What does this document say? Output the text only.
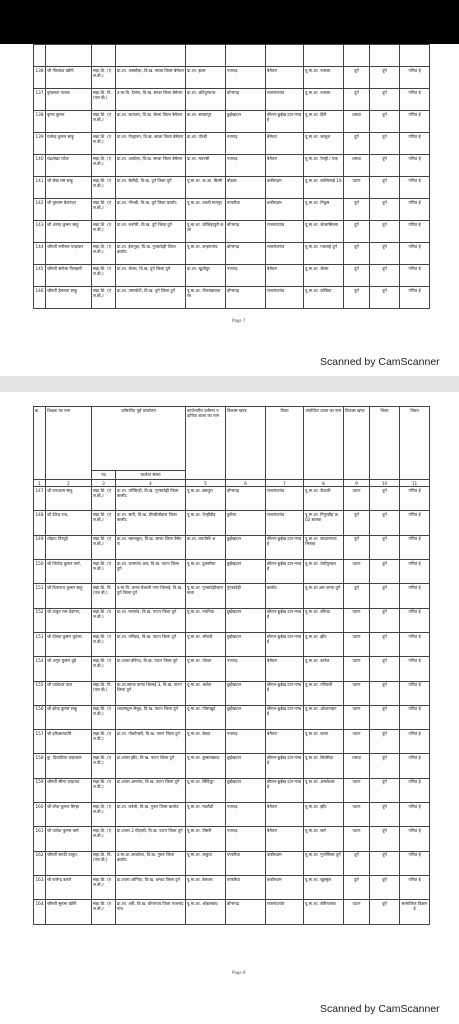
138	श्री नीलकंठ खोंगी	सहा.शि. (एल.बी.)	प्रा.शा. अस्कोला, वि.ख. साजा जिला बेमेतरा	प्रा.शा. झाल	नवागढ़	बेमेतरा	पू.मा.शा. रश्मका	दुर्ग	दुर्ग	गणित ई
137	पुष्पलता नायक	सहा.शि. पि. (एल बी.)	उ.मा.वि. दैलगा, वि.ख. साजा जिला बेमेतरा	प्रा.शा. छोटेदुग्गावर	डोंगरगढ़	राजनांदगांव	पू.मा.शा. रश्मका	दुर्ग	दुर्ग	गणित ई
138	कृष्ण कुमार	सहा.शि. (एल.बी.)	प्रा.शा. लावतरा, वि.ख. बेरला जिला बेमेतरा	प्रा.शा. सरकापुर	छुईखदान	छीरान-छुईख दान-गण्डई	पू.मा.शा. हिरी	धमधा	दुर्ग	गणित ई
139	राजेन्द्र कुमार साहू	सहा.शि. (एल.बी.)	प्रा.शा. पेण्ड्रावन, वि.ख. साजा जिला बेमेतरा	प्रा.शा. तोरडी	नवागढ़	बेमेतरा	पू.मा.शा. जालुल	दुर्ग	दुर्ग	गणित ई
140	चंद्रशेखर पटेल	सहा.शि. (एल.बी.)	प्रा.शा. अकोला, वि.ख. साजा जिला बेमेतरा	प्रा.शा. मदनसी	नवागढ़	बेमेतरा	पू.मा.शा. पेण्ड्री / गाड़	धमधा	दुर्ग	गणित ई
141	श्री लेख राम साहू	सहा.शि. (एल.बी.)	प्रा.शा. बेलौदी, वि.ख. दुर्ग जिला दुर्ग	पू.मा.शा. क.आ. बिरमी	बोड़ला	कबीरधाम	पू.मा.शा. कल्मिलाई 19	पाटन	दुर्ग	गणित ई
142	श्री पुरुराम बेलनंदन	सहा.शि. (एल.बी.)	प्रा.शा. नीभडी, वि.ख. दुर्ग जिला बालोद	पू.मा.शा. ठकरी मानपुर	पण्डरिया	कबीरधाम	पू.मा.शा. निकुम	दुर्ग	दुर्ग	गणित ई
143	श्री आनंद कुमार साहू	सहा.शि. (एल.बी.)	प्रा.शा. करगेरी, वि.ख. दुर्ग जिला दुर्ग	पू.मा.शा. कोलिहापुरी कला	डोंगरगढ़	राजनांदगांव	पू.मा.शा. जेवरासिरसा	दुर्ग	दुर्ग	गणित ई
144	श्रीमती मनीरमा चन्द्राकर	सहा.शि. (एल.बी.)	प्रा.शा. ईरागुड़ा, वि.ख. गुण्डरदेही जिला बालोद	पू.मा.शा. कन्हारगांव	डोंगरगढ़	राजनांदगांव	पू.मा.शा. गयलाई दुर्ग	दुर्ग	दुर्ग	गणित ई
145	श्रीमती सरोजा गिलहारी	सहा.शि. (एल.बी.)	प्रा.शा. जेवरा, वि.ख. दुर्ग जिला दुर्ग	प्रा.शा. खुशीपुर	नवागढ़	बेमेतरा	पू.मा.शा. जेवरा	दुर्ग	दुर्ग	गणित ई
146	श्रीमती हेमलता साहू	सहा.शि. (एल.बी.)	प्रा.शा. उमरपोटी, वि.ख. दुर्ग जिला दुर्ग	पू.मा.शा. पीपरखाराकला	डोंगरगढ़	राजनांदगांव	पू.मा.शा. कोडिया	दुर्ग	दुर्ग	गणित ई
Page 7
Scanned by CamScanner
क्र.	शिक्षक का नाम	वर्तमानित पूर्व कार्यालय		कार्यभारित वर्तमान पदांकित शाला का नाम	विकास खण्ड	जिला	संयोजित शाला का नाम	विकास खण्ड	जिला	विषय
		पद	कार्यरत संस्था							
1	2	3	4	5	6	7	8	9	10	11
147	श्री घनश्याम साहू	सहा.शि. (एल.बी.)	प्रा.शा. तर्रीबिन्द्री, वि.ख. गुण्डरदेही जिला बालोद	पू.मा.शा. छन्नपुरा	डोंगरगढ़	राजनांदगांव	पू.मा.शा. केंकारी	पाटन	दुर्ग	गणित ई
148	श्री देवेन्द्र राय,	सहा.शि. (एल.बी.)	प्रा.शा. सारी, वि.ख. डौण्डीलोहारा जिला बालोद	पू.मा.शा. पेण्ड्रीडीह	छुरिया	राजनांदगांव	पू.मा.शा. गिनुरडीह क. 02 बालक	दुर्ग	दुर्ग	गणित ई
149	शोहता तिरपुडे	सहा.शि. (एल.बी.)	प्रा.शा. बसनझुरा, वि.ख. साजा जिला बेमेतरा	प्रा.शा. करतोसी अ	छुईखदान	छीरान-छुईख दान-गण्डई	पू.मा.शा. सरदारगावा भिलाइ	दुर्ग	दुर्ग	गणित ई
150	श्री जितेन्द्र कुमार वर्मा,	सहा.शि. (एल.बी.)	प्रा.शा. जामगांव आर, वि.ख. पाटन जिला दुर्ग	पू.मा.शा. दुल्लरिया	छुईखदान	छीरान-छुईख दान-गण्डई	पू.मा.शा. तेलीगुण्डरा	पाटन	दुर्ग	गणित ई
151	श्री दिनानाथ कुमार साहू	सहा.शि. पि. (एल बी.)	उ.मा.वि. कन्या वैशाली नगर भिलाई, वि.ख. दुर्ग जिला दुर्ग	पू.मा.शा. गुण्डरदेहीजामकला	गुण्डरदेही	बालोद	पू.मा.शा.आर कन्या दुर्ग	दुर्ग	दुर्ग	गणित ई
152	श्री ठाकुर राम देवांगन,	सहा.शि. (एल.बी.)	प्रा.शा. मलगांव, वि.ख. पाटन जिला दुर्ग	पू.मा.शा. नचनिया	छुईखदान	छीरान-छुईख दान-गण्डई	पू.मा.शा. बोरेन्दा	पाटन	दुर्ग	गणित ई
153	श्री दीपक कुमार कुटेला	सहा.शि. (एल.बी.)	प्रा.शा. तर्रीबाद, वि.ख. पाटन जिला दुर्ग	पू.मा.शा. जोरादी	छुईखदान	छीरान-छुईख दान-गण्डई	पू.मा.शा. झीट	पाटन	दुर्ग	गणित ई
154	श्री अनूप कुमार दुबे	सहा.शि. (एल.बी.)	प्रा.शाला बोरेन्दा, वि.ख. पाटन जिला दुर्ग	पू.मा.शा. तोरला	नवागढ़	बेमेतरा	पू.मा.शा. बटरेल	पाटन	दुर्ग	गणित ई
155	श्री पालेश्वर पाल	सहा.शि. पि. (एल बी.)	प्रा.शा.ब्लाक कन्या भिलाई 3, वि.ख. पाटन जिला दुर्ग	पू.मा.शा. भाठेरा	छुईखदान	छीरान-छुईख दान-गण्डई	पू.मा.शा. गनियारी	पाटन	दुर्ग	गणित ई
156	श्री इरेन्द्र कुमार साहू	सहा.शि. (एल.बी.)	शाउम्मटुल सेलूद, वि.ख. पाटन जिला दुर्ग	पू.मा.शा. गोलाखुर्द	छुईखदान	छीरान-छुईख दान-गण्डई	पू.मा.शा. ओदरागहन	पाटन	दुर्ग	गणित ई
157	श्री हरिप्रसादचौरे	सहा.शि. (एल.बी.)	प्रा.शा. गोडपेन्डरी, वि.ख. पाटन जिला दुर्ग	पू.मा.शा. बेडात	नवागढ़	बेमेतरा	पू.मा.शा. कापा	पाटन	दुर्ग	गणित ई
158	कु. दिव्यप्रिया चन्द्राकार	सहा.शि. (एल.बी.)	प्रा.शाला झींट, वि.ख. पाटन जिला दुर्ग	पू.मा.शा. कुसवाखादा	छुईखदान	छीरान-छुईख दान-गण्डई	पू.मा.शा. सिरसिदा	धमधा	दुर्ग	गणित ई
159	श्रीमती सीमा चन्द्राकर	सहा.शि. (एल.बी.)	प्रा.शाला अमगांव, वि.ख. पाटन जिला दुर्ग	पू.मा.शा. सिंदियुर	छुईखदान	छीरान-छुईख दान-गण्डई	पू.मा.शा. अमलेश्वर	पाटन	दुर्ग	गणित ई
160	श्री रमेश कुमार सिन्हा	सहा.शि. (एल.बी.)	प्रा.शा. करेली, वि.ख. गुरूर जिला बालोद	पू.मा.शा. मदरौदी	नवागढ़	बेमेतरा	पू.मा.शा. झींट	पाटन	दुर्ग	गणित ई
161	श्री पालेश कुमार वर्मा	सहा.शि. (एल.बी.)	प्रा.शाला 3 गोड़ाली, वि.ख. पाटन जिला दुर्ग	पू.मा.शा. पीसरी	नवागढ़	बेमेतरा	पू.मा.शा. सर्रा	पाटन	दुर्ग	गणित ई
162	श्रीमती सपति ठाकुर,	सहा.शि. पि. (एल बी.)	उ.मा.शा.अरकोला, वि.ख. गुरूर जिला बालोद	पू.मा.शा. लाडुवा	पण्डरिया	कबीरधाम	पू.मा.शा. गुणर्गिसार दुर्ग	दुर्ग	दुर्ग	गणित ई
163	श्री राजेन्द्र बारले	सहा.शि. (एल.बी.)	प्रा.शाला ओगिया, वि.ख. धमधा जिला दुर्ग	पू.मा.शा. बेलतरा	पण्डरिया	कबीरधाम	पू.मा.शा. खुरसुल	दुर्ग	दुर्ग	गणित ई
164	श्रीमती सुषमा खोंगी	सहा.शि. (एल.बी.)	प्रा.शा. अरी, वि.ख. डोंगरगांव जिला राजनांदगांव	पू.मा.शा. ओड़ारबांध	डोंगरगढ़	राजनांदगांव	पू.मा.शा. बोरीगारका	पाटन	दुर्ग	सामाजिक विज्ञान ई
Page 8
Scanned by CamScanner
